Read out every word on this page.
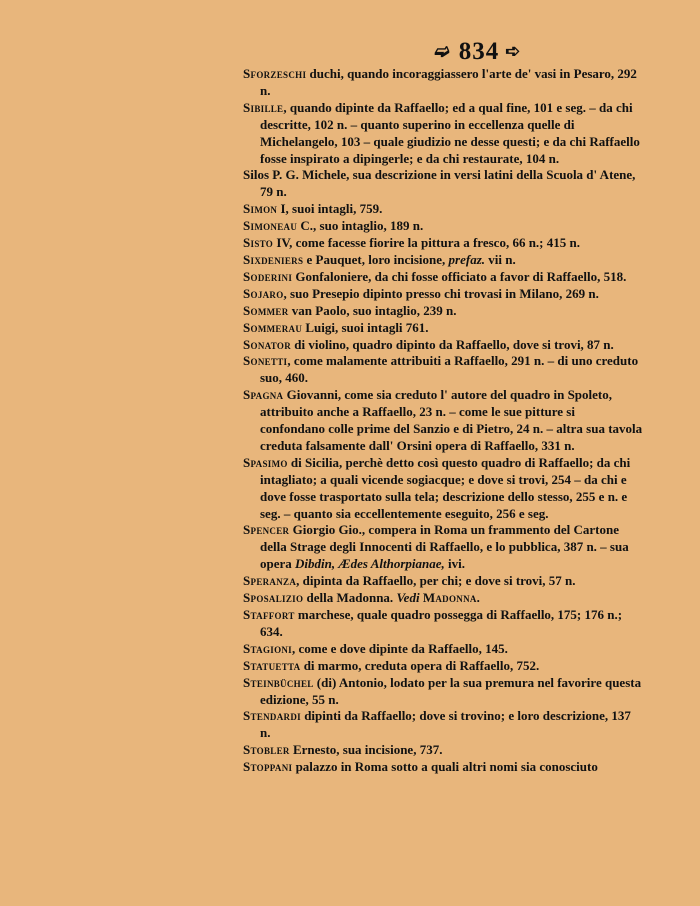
➫ 834 ➪
Sforzeschi duchi, quando incoraggiassero l'arte de' vasi in Pesaro, 292 n.
Sibille, quando dipinte da Raffaello; ed a qual fine, 101 e seg. – da chi descritte, 102 n. – quanto superino in eccellenza quelle di Michelangelo, 103 – quale giudizio ne desse questi; e da chi Raffaello fosse inspirato a dipingerle; e da chi restaurate, 104 n.
Silos P. G. Michele, sua descrizione in versi latini della Scuola d' Atene, 79 n.
Simon I, suoi intagli, 759.
Simoneau C., suo intaglio, 189 n.
Sisto IV, come facesse fiorire la pittura a fresco, 66 n.; 415 n.
Sixdeniers e Pauquet, loro incisione, prefaz. vii n.
Soderini Gonfaloniere, da chi fosse officiato a favor di Raffaello, 518.
Sojaro, suo Presepio dipinto presso chi trovasi in Milano, 269 n.
Sommer van Paolo, suo intaglio, 239 n.
Sommerau Luigi, suoi intagli 761.
Sonator di violino, quadro dipinto da Raffaello, dove si trovi, 87 n.
Sonetti, come malamente attribuiti a Raffaello, 291 n. – di uno creduto suo, 460.
Spagna Giovanni, come sia creduto l' autore del quadro in Spoleto, attribuito anche a Raffaello, 23 n. – come le sue pitture si confondano colle prime del Sanzio e di Pietro, 24 n. – altra sua tavola creduta falsamente dall' Orsini opera di Raffaello, 331 n.
Spasimo di Sicilia, perchè detto così questo quadro di Raffaello; da chi intagliato; a quali vicende sogiacque; e dove si trovi, 254 – da chi e dove fosse trasportato sulla tela; descrizione dello stesso, 255 e n. e seg. – quanto sia eccellentemente eseguito, 256 e seg.
Spencer Giorgio Gio., compera in Roma un frammento del Cartone della Strage degli Innocenti di Raffaello, e lo pubblica, 387 n. – sua opera Dibdin, Ædes Althorpianae, ivi.
Speranza, dipinta da Raffaello, per chi; e dove si trovi, 57 n.
Sposalizio della Madonna. Vedi Madonna.
Staffort marchese, quale quadro possegga di Raffaello, 175; 176 n.; 634.
Stagioni, come e dove dipinte da Raffaello, 145.
Statuetta di marmo, creduta opera di Raffaello, 752.
Steinbüchel (di) Antonio, lodato per la sua premura nel favorire questa edizione, 55 n.
Stendardi dipinti da Raffaello; dove si trovino; e loro descrizione, 137 n.
Stobler Ernesto, sua incisione, 737.
Stoppani palazzo in Roma sotto a quali altri nomi sia conosciuto
